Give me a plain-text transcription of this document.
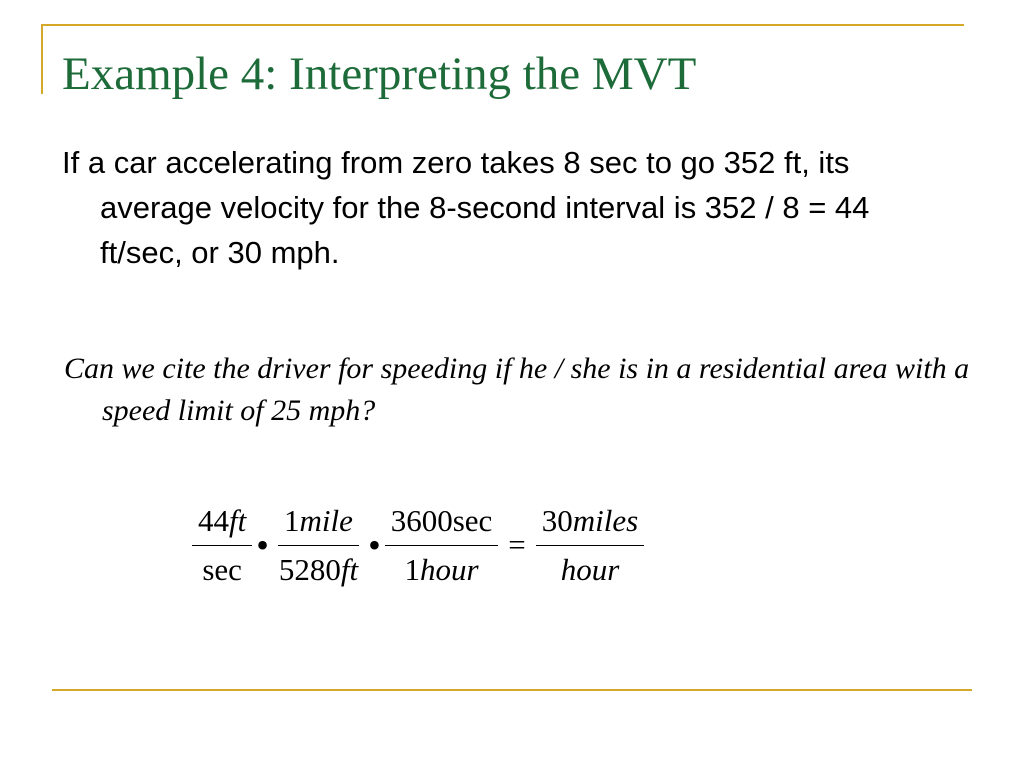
Example 4: Interpreting the MVT

If a car accelerating from zero takes 8 sec to go 352 ft, its average velocity for the 8-second interval is 352 / 8 = 44 ft/sec, or 30 mph.

Can we cite the driver for speeding if he / she is in a residential area with a speed limit of 25 mph?

$\frac{44ft}{\sec}$ • $\frac{\text{1mile}}{5280ft}$ • $\frac{3600\sec}{\text{1hour}} = \frac{\text{30miles}}{\text{hour}}$
